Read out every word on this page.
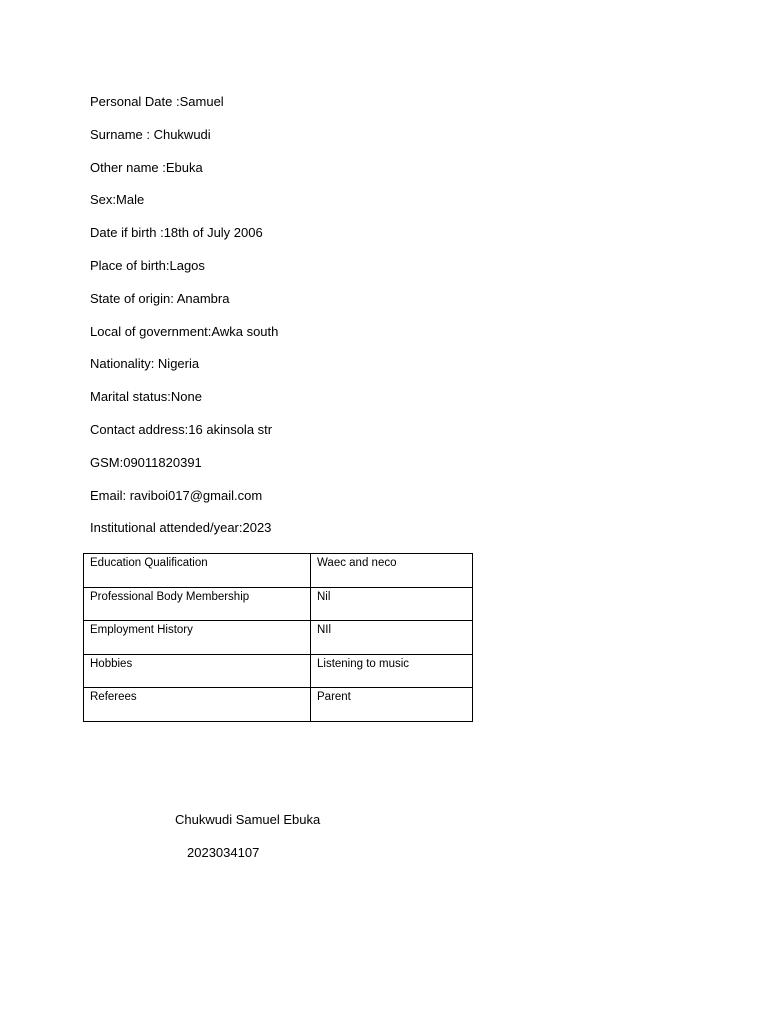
Personal Date :Samuel
Surname : Chukwudi
Other name :Ebuka
Sex:Male
Date if birth :18th of July 2006
Place of birth:Lagos
State of origin: Anambra
Local of government:Awka south
Nationality: Nigeria
Marital status:None
Contact address:16 akinsola str
GSM:09011820391
Email: raviboi017@gmail.com
Institutional attended/year:2023
Education Qualification	Waec and neco
Professional Body Membership	Nil
Employment History	NIl
Hobbies	Listening to music
Referees	Parent
Chukwudi Samuel Ebuka
2023034107
